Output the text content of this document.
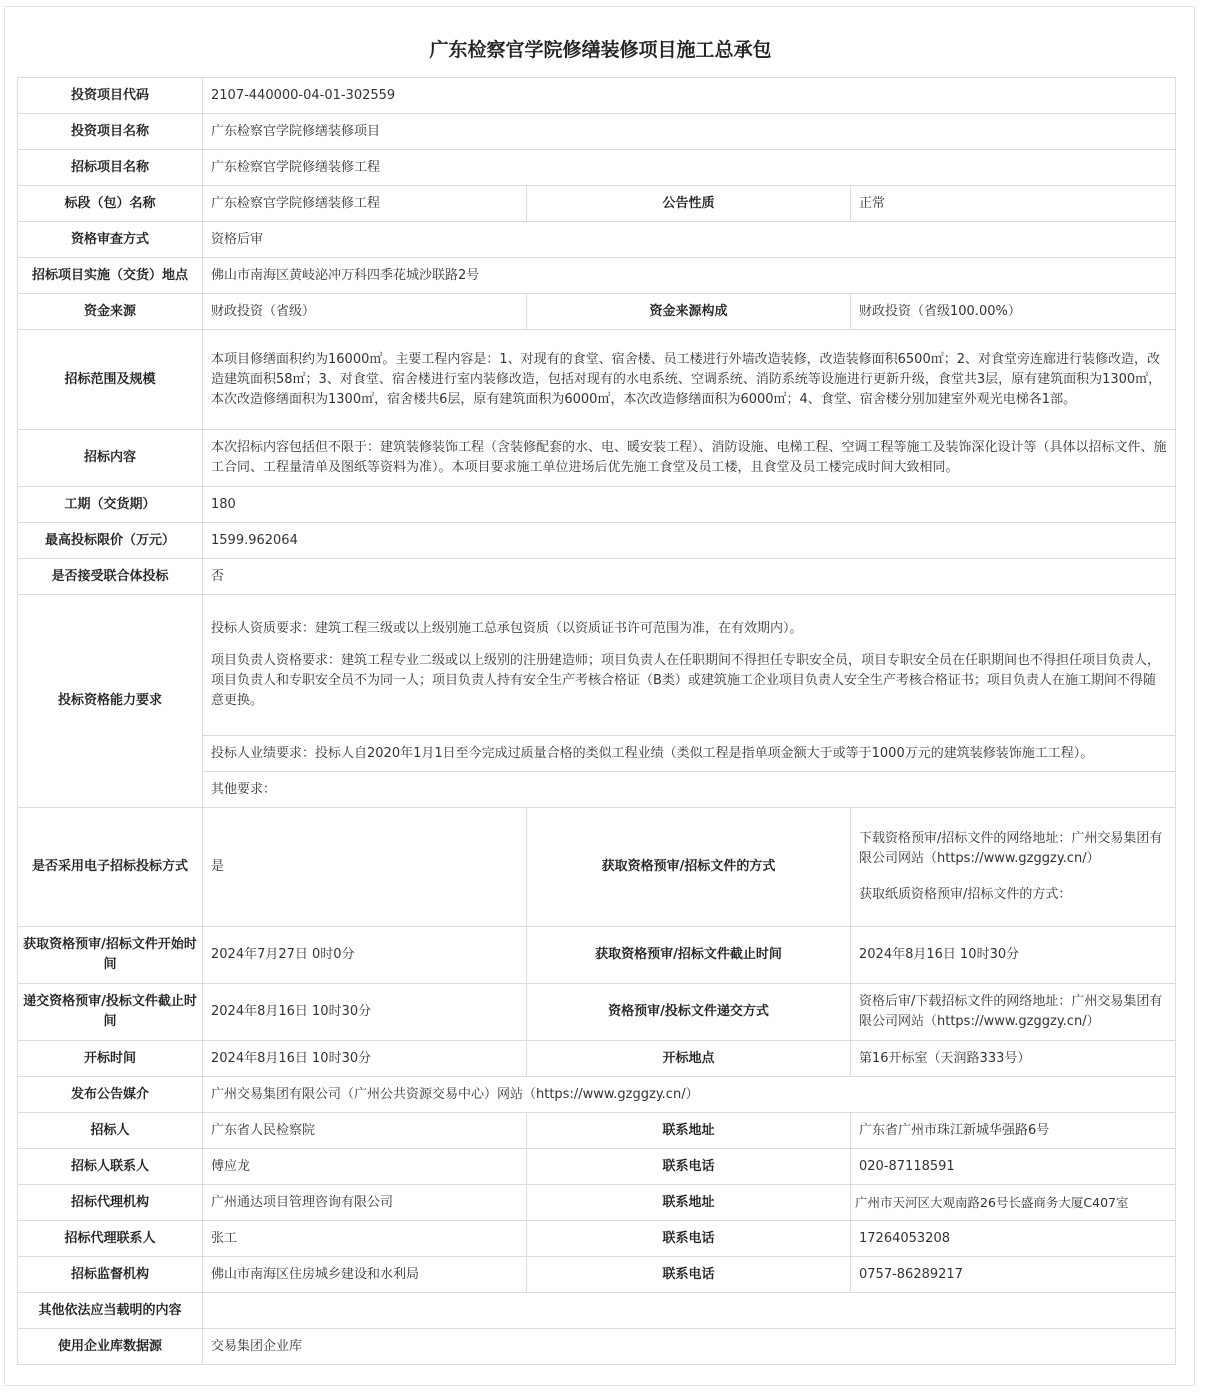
广东检察官学院修缮装修项目施工总承包
投资项目代码	2107-440000-04-01-302559		
投资项目名称	广东检察官学院修缮装修项目		
招标项目名称	广东检察官学院修缮装修工程		
标段（包）名称	广东检察官学院修缮装修工程	公告性质	正常
资格审查方式	资格后审		
招标项目实施（交货）地点	佛山市南海区黄岐泌冲万科四季花城沙联路2号		
资金来源	财政投资（省级）	资金来源构成	财政投资（省级100.00%）
招标范围及规模	本项目修缮面积约为16000㎡。主要工程内容是：1、对现有的食堂、宿舍楼、员工楼进行外墙改造装修，改造装修面积6500㎡；2、对食堂旁连廊进行装修改造，改造建筑面积58㎡；3、对食堂、宿舍楼进行室内装修改造，包括对现有的水电系统、空调系统、消防系统等设施进行更新升级，食堂共3层，原有建筑面积为1300㎡，本次改造修缮面积为1300㎡，宿舍楼共6层，原有建筑面积为6000㎡，本次改造修缮面积为6000㎡；4、食堂、宿舍楼分别加建室外观光电梯各1部。		
招标内容	本次招标内容包括但不限于：建筑装修装饰工程（含装修配套的水、电、暖安装工程）、消防设施、电梯工程、空调工程等施工及装饰深化设计等（具体以招标文件、施工合同、工程量清单及图纸等资料为准）。本项目要求施工单位进场后优先施工食堂及员工楼，且食堂及员工楼完成时间大致相同。		
工期（交货期）	180		
最高投标限价（万元）	1599.962064		
是否接受联合体投标	否		
投标资格能力要求	投标人资质要求：建筑工程三级或以上级别施工总承包资质（以资质证书许可范围为准，在有效期内）。

项目负责人资格要求：建筑工程专业二级或以上级别的注册建造师；项目负责人在任职期间不得担任专职安全员，项目专职安全员在任职期间也不得担任项目负责人，项目负责人和专职安全员不为同一人；项目负责人持有安全生产考核合格证（B类）或建筑施工企业项目负责人安全生产考核合格证书；项目负责人在施工期间不得随意更换。		

	投标人业绩要求：投标人自2020年1月1日至今完成过质量合格的类似工程业绩（类似工程是指单项金额大于或等于1000万元的建筑装修装饰施工工程）。		
	其他要求：		
是否采用电子招标投标方式	是	获取资格预审/招标文件的方式	下载资格预审/招标文件的网络地址：广州交易集团有限公司网站（https://www.gzggzy.cn/）

获取纸质资格预审/招标文件的方式：

获取资格预审/招标文件开始时间	2024年7月27日 0时0分	获取资格预审/招标文件截止时间	2024年8月16日 10时30分
递交资格预审/投标文件截止时间	2024年8月16日 10时30分	资格预审/投标文件递交方式	资格后审/下载招标文件的网络地址：广州交易集团有限公司网站（https://www.gzggzy.cn/）
开标时间	2024年8月16日 10时30分	开标地点	第16开标室（天润路333号）
发布公告媒介	广州交易集团有限公司（广州公共资源交易中心）网站（https://www.gzggzy.cn/）		
招标人	广东省人民检察院	联系地址	广东省广州市珠江新城华强路6号
招标人联系人	傅应龙	联系电话	020-87118591
招标代理机构	广州通达项目管理咨询有限公司	联系地址	广州市天河区大观南路26号长盛商务大厦C407室
招标代理联系人	张工	联系电话	17264053208
招标监督机构	佛山市南海区住房城乡建设和水利局	联系电话	0757-86289217
其他依法应当载明的内容			
使用企业库数据源	交易集团企业库		
